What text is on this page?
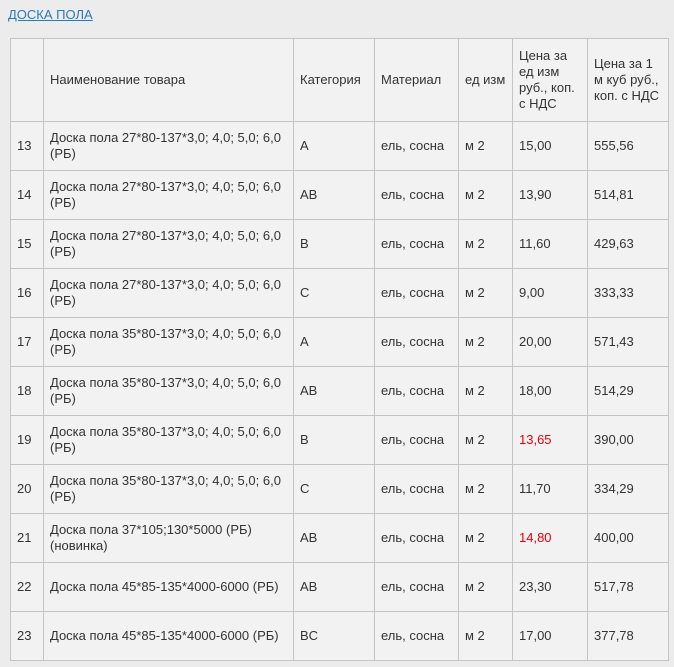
ДОСКА ПОЛА
	Наименование товара	Категория	Материал	ед изм	Цена за ед изм руб., коп. с НДС	Цена за 1 м куб руб., коп. с НДС
13	Доска пола 27*80-137*3,0; 4,0; 5,0; 6,0 (РБ)	A	ель, сосна	м 2	15,00	555,56
14	Доска пола 27*80-137*3,0; 4,0; 5,0; 6,0 (РБ)	AB	ель, сосна	м 2	13,90	514,81
15	Доска пола 27*80-137*3,0; 4,0; 5,0; 6,0 (РБ)	B	ель, сосна	м 2	11,60	429,63
16	Доска пола 27*80-137*3,0; 4,0; 5,0; 6,0 (РБ)	C	ель, сосна	м 2	9,00	333,33
17	Доска пола 35*80-137*3,0; 4,0; 5,0; 6,0 (РБ)	A	ель, сосна	м 2	20,00	571,43
18	Доска пола 35*80-137*3,0; 4,0; 5,0; 6,0 (РБ)	AB	ель, сосна	м 2	18,00	514,29
19	Доска пола 35*80-137*3,0; 4,0; 5,0; 6,0 (РБ)	B	ель, сосна	м 2	13,65	390,00
20	Доска пола 35*80-137*3,0; 4,0; 5,0; 6,0 (РБ)	C	ель, сосна	м 2	11,70	334,29
21	Доска пола 37*105;130*5000 (РБ) (новинка)	AB	ель, сосна	м 2	14,80	400,00
22	Доска пола 45*85-135*4000-6000 (РБ)	AB	ель, сосна	м 2	23,30	517,78
23	Доска пола 45*85-135*4000-6000 (РБ)	BC	ель, сосна	м 2	17,00	377,78
